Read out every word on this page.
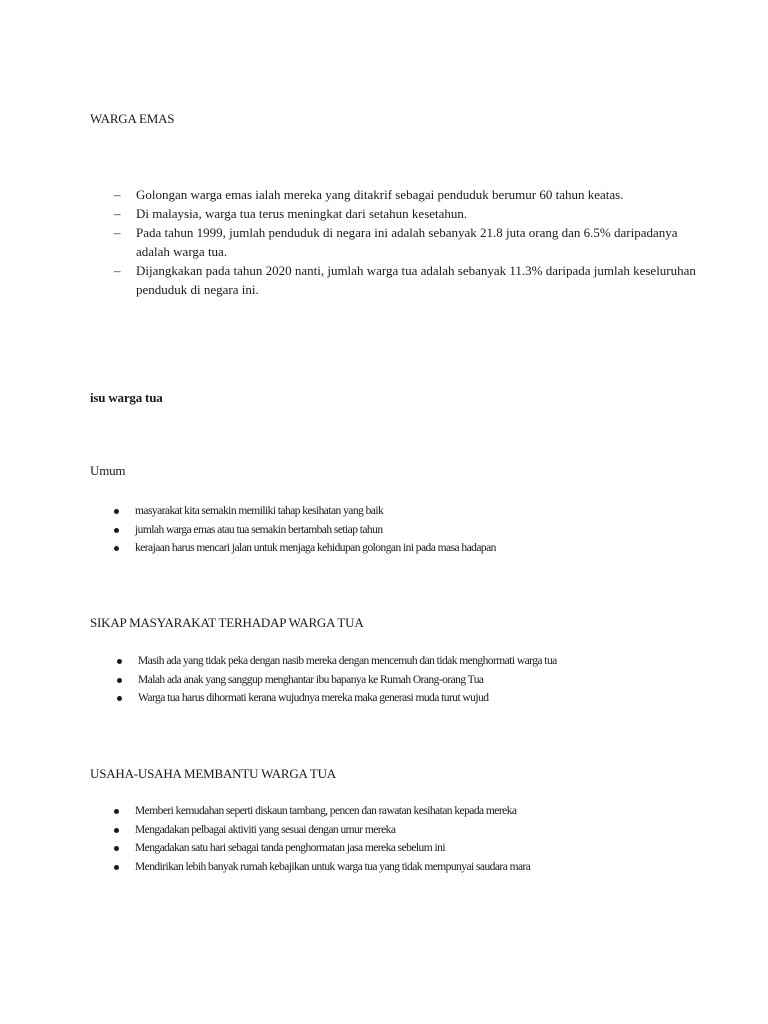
WARGA EMAS
– Golongan warga emas ialah mereka yang ditakrif sebagai penduduk berumur 60 tahun keatas.
– Di malaysia, warga tua terus meningkat dari setahun kesetahun.
– Pada tahun 1999, jumlah penduduk di negara ini adalah sebanyak 21.8 juta orang dan 6.5% daripadanya adalah warga tua.
– Dijangkakan pada tahun 2020 nanti, jumlah warga tua adalah sebanyak 11.3% daripada jumlah keseluruhan penduduk di negara ini.
isu warga tua
Umum
masyarakat kita semakin memiliki tahap kesihatan yang baik
jumlah warga emas atau tua semakin bertambah setiap tahun
kerajaan harus mencari jalan untuk menjaga kehidupan golongan ini pada masa hadapan
SIKAP MASYARAKAT TERHADAP WARGA TUA
Masih ada yang tidak peka dengan nasib mereka dengan mencemuh dan tidak menghormati warga tua
Malah ada anak yang sanggup menghantar ibu bapanya ke Rumah Orang-orang Tua
Warga tua harus dihormati kerana wujudnya mereka maka generasi muda turut wujud
USAHA-USAHA MEMBANTU WARGA TUA
Memberi kemudahan seperti diskaun tambang, pencen dan rawatan kesihatan kepada mereka
Mengadakan pelbagai aktiviti yang sesuai dengan umur mereka
Mengadakan satu hari sebagai tanda penghormatan jasa mereka sebelum ini
Mendirikan lebih banyak rumah kebajikan untuk warga tua yang tidak mempunyai saudara mara
